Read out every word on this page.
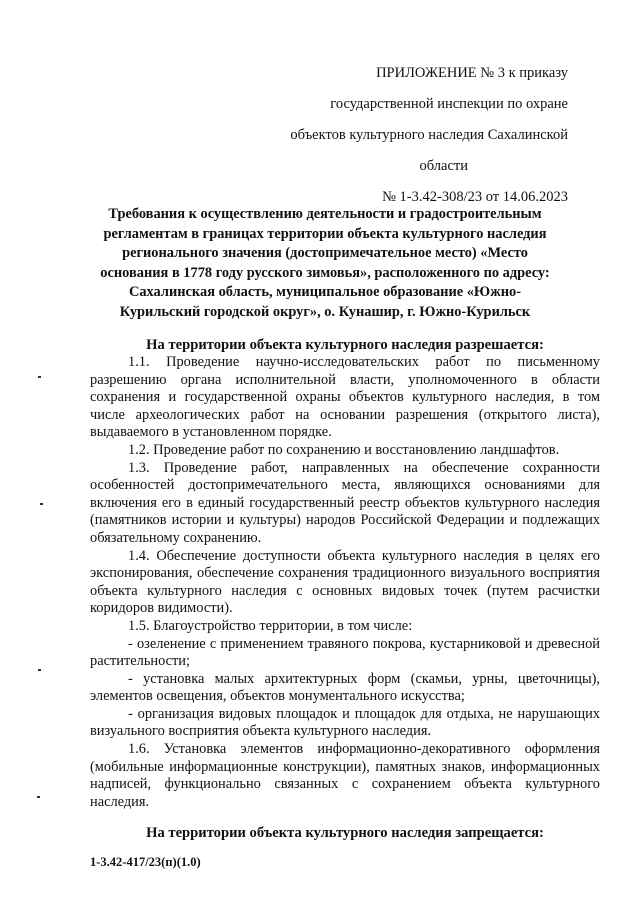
ПРИЛОЖЕНИЕ № 3 к приказу
государственной инспекции по охране
объектов культурного наследия Сахалинской
области
№ 1-3.42-308/23 от 14.06.2023
Требования к осуществлению деятельности и градостроительным регламентам в границах территории объекта культурного наследия регионального значения (достопримечательное место) «Место основания в 1778 году русского зимовья», расположенного по адресу: Сахалинская область, муниципальное образование «Южно-Курильский городской округ», о. Кунашир, г. Южно-Курильск
На территории объекта культурного наследия разрешается:

1.1. Проведение научно-исследовательских работ по письменному разрешению органа исполнительной власти, уполномоченного в области сохранения и государственной охраны объектов культурного наследия, в том числе археологических работ на основании разрешения (открытого листа), выдаваемого в установленном порядке.

1.2. Проведение работ по сохранению и восстановлению ландшафтов.

1.3. Проведение работ, направленных на обеспечение сохранности особенностей достопримечательного места, являющихся основаниями для включения его в единый государственный реестр объектов культурного наследия (памятников истории и культуры) народов Российской Федерации и подлежащих обязательному сохранению.

1.4. Обеспечение доступности объекта культурного наследия в целях его экспонирования, обеспечение сохранения традиционного визуального восприятия объекта культурного наследия с основных видовых точек (путем расчистки коридоров видимости).

1.5. Благоустройство территории, в том числе:

- озеленение с применением травяного покрова, кустарниковой и древесной растительности;

- установка малых архитектурных форм (скамьи, урны, цветочницы), элементов освещения, объектов монументального искусства;

- организация видовых площадок и площадок для отдыха, не нарушающих визуального восприятия объекта культурного наследия.

1.6. Установка элементов информационно-декоративного оформления (мобильные информационные конструкции), памятных знаков, информационных надписей, функционально связанных с сохранением объекта культурного наследия.

На территории объекта культурного наследия запрещается:
1-3.42-417/23(п)(1.0)
